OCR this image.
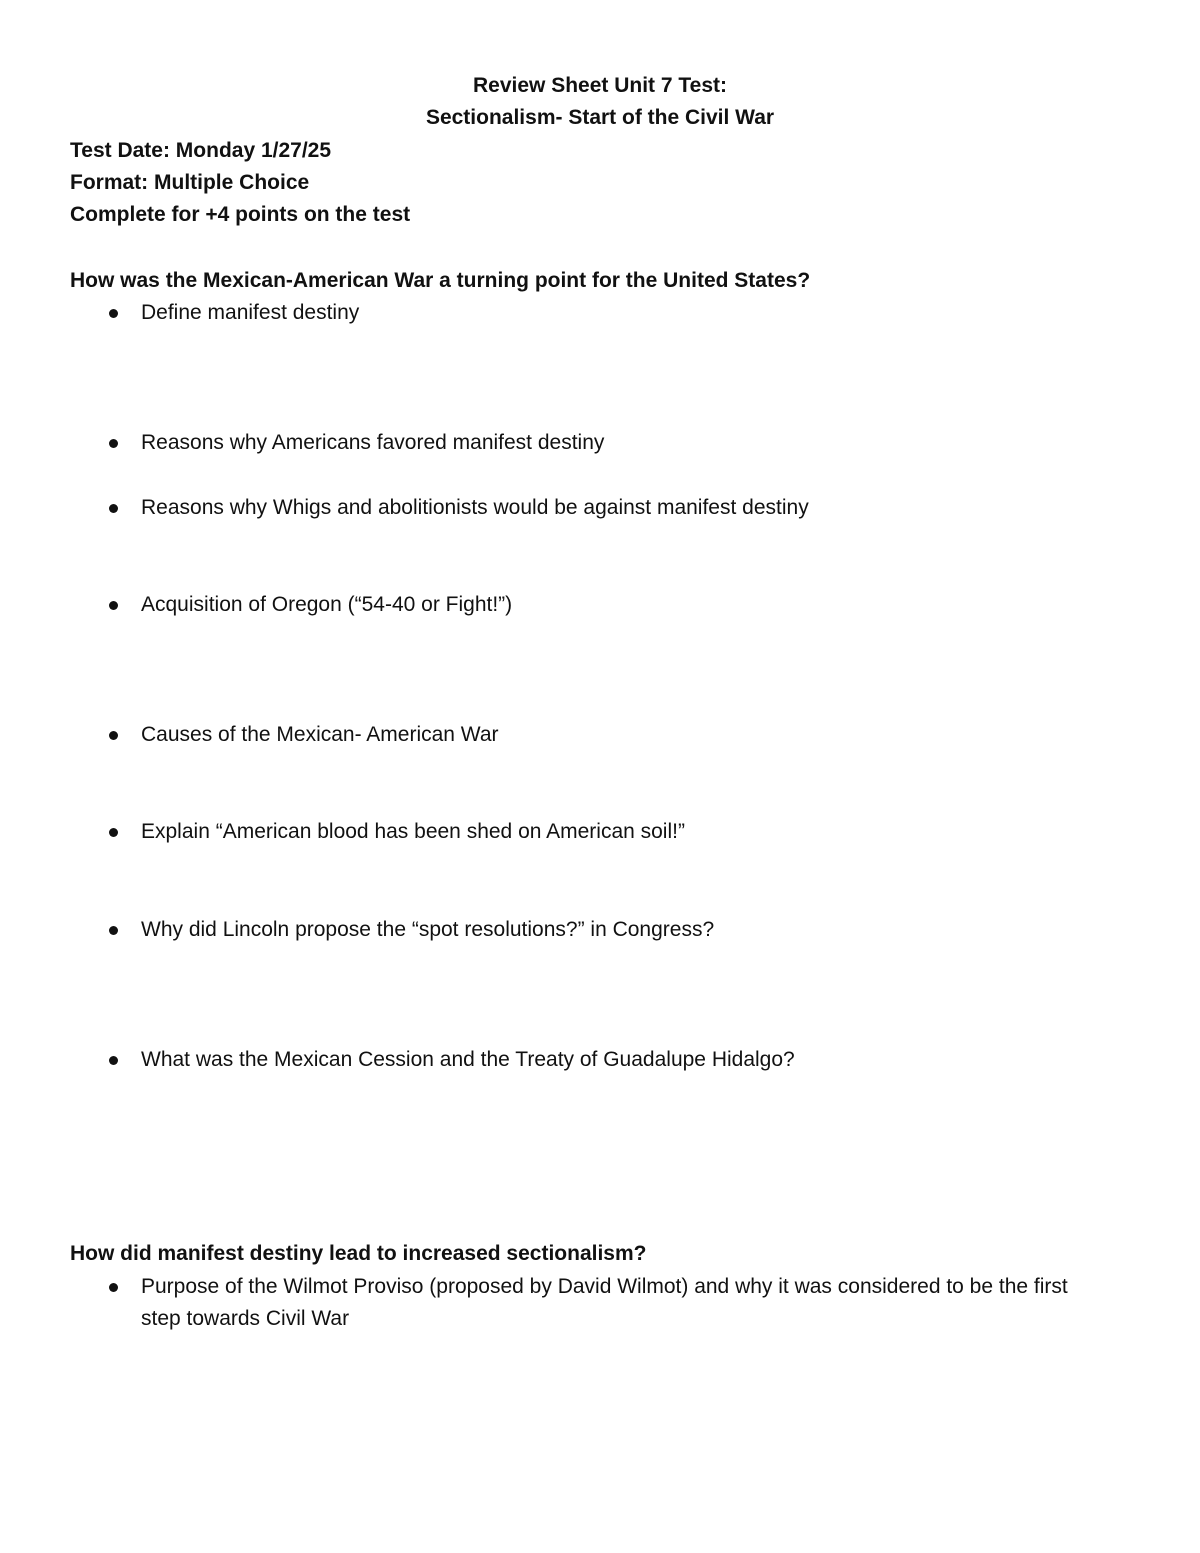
Review Sheet Unit 7 Test:
Sectionalism- Start of the Civil War
Test Date: Monday 1/27/25
Format: Multiple Choice
Complete for +4 points on the test
How was the Mexican-American War a turning point for the United States?
Define manifest destiny
Reasons why Americans favored manifest destiny
Reasons why Whigs and abolitionists would be against manifest destiny
Acquisition of Oregon (“54-40 or Fight!”)
Causes of the Mexican- American War
Explain “American blood has been shed on American soil!”
Why did Lincoln propose the “spot resolutions?” in Congress?
What was the Mexican Cession and the Treaty of Guadalupe Hidalgo?
How did manifest destiny lead to increased sectionalism?
Purpose of the Wilmot Proviso (proposed by David Wilmot) and why it was considered to be the first step towards Civil War
